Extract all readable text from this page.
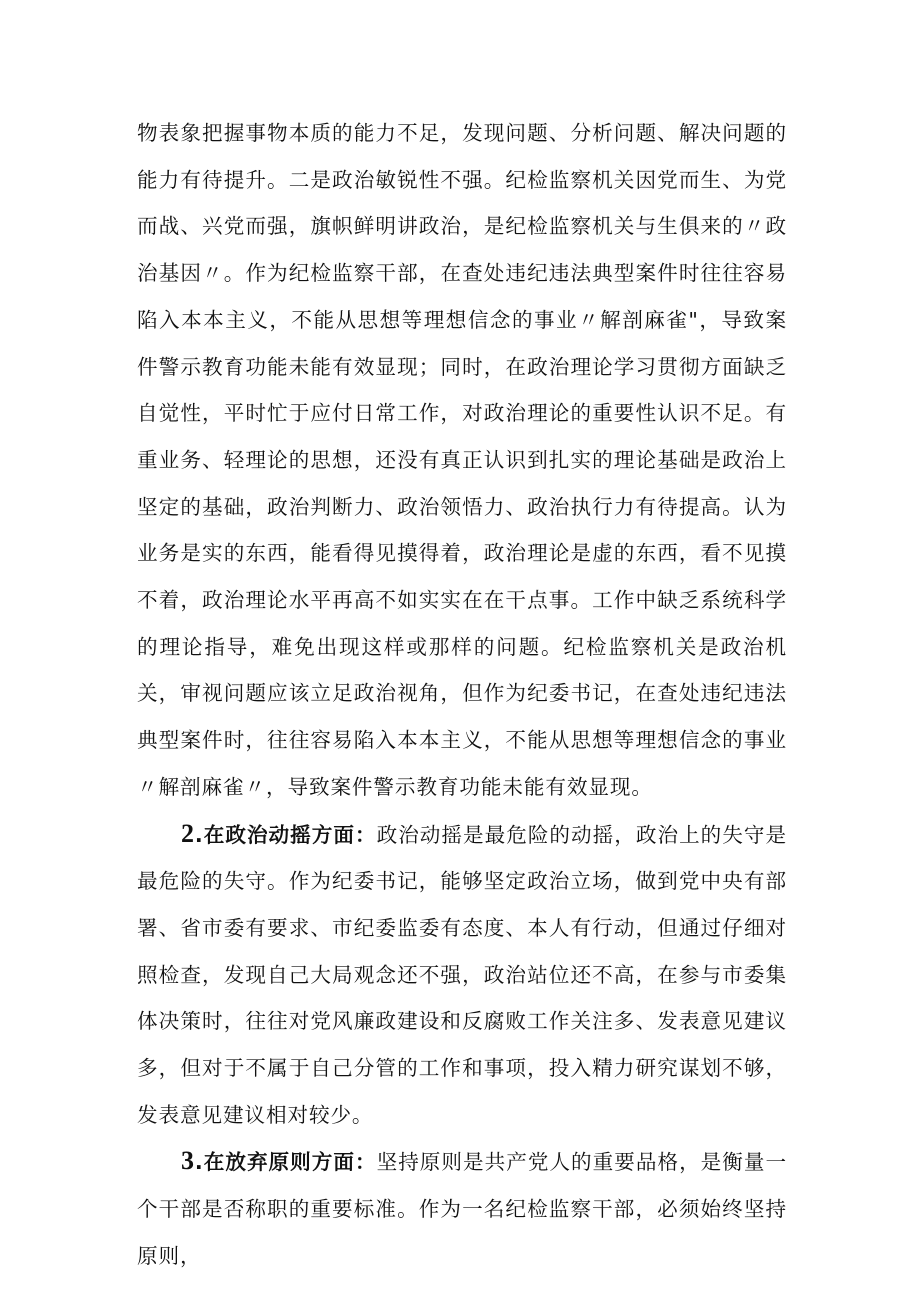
物表象把握事物本质的能力不足，发现问题、分析问题、解决问题的能力有待提升。二是政治敏锐性不强。纪检监察机关因党而生、为党而战、兴党而强，旗帜鲜明讲政治，是纪检监察机关与生俱来的〃政治基因〃。作为纪检监察干部，在查处违纪违法典型案件时往往容易陷入本本主义，不能从思想等理想信念的事业〃解剖麻雀"，导致案件警示教育功能未能有效显现；同时，在政治理论学习贯彻方面缺乏自觉性，平时忙于应付日常工作，对政治理论的重要性认识不足。有重业务、轻理论的思想，还没有真正认识到扎实的理论基础是政治上坚定的基础，政治判断力、政治领悟力、政治执行力有待提高。认为业务是实的东西，能看得见摸得着，政治理论是虚的东西，看不见摸不着，政治理论水平再高不如实实在在干点事。工作中缺乏系统科学的理论指导，难免出现这样或那样的问题。纪检监察机关是政治机关，审视问题应该立足政治视角，但作为纪委书记，在查处违纪违法典型案件时，往往容易陷入本本主义，不能从思想等理想信念的事业〃解剖麻雀〃，导致案件警示教育功能未能有效显现。

2.在政治动摇方面：政治动摇是最危险的动摇，政治上的失守是最危险的失守。作为纪委书记，能够坚定政治立场，做到党中央有部署、省市委有要求、市纪委监委有态度、本人有行动，但通过仔细对照检查，发现自己大局观念还不强，政治站位还不高，在参与市委集体决策时，往往对党风廉政建设和反腐败工作关注多、发表意见建议多，但对于不属于自己分管的工作和事项，投入精力研究谋划不够，发表意见建议相对较少。

3.在放弃原则方面：坚持原则是共产党人的重要品格，是衡量一个干部是否称职的重要标准。作为一名纪检监察干部，必须始终坚持原则，
